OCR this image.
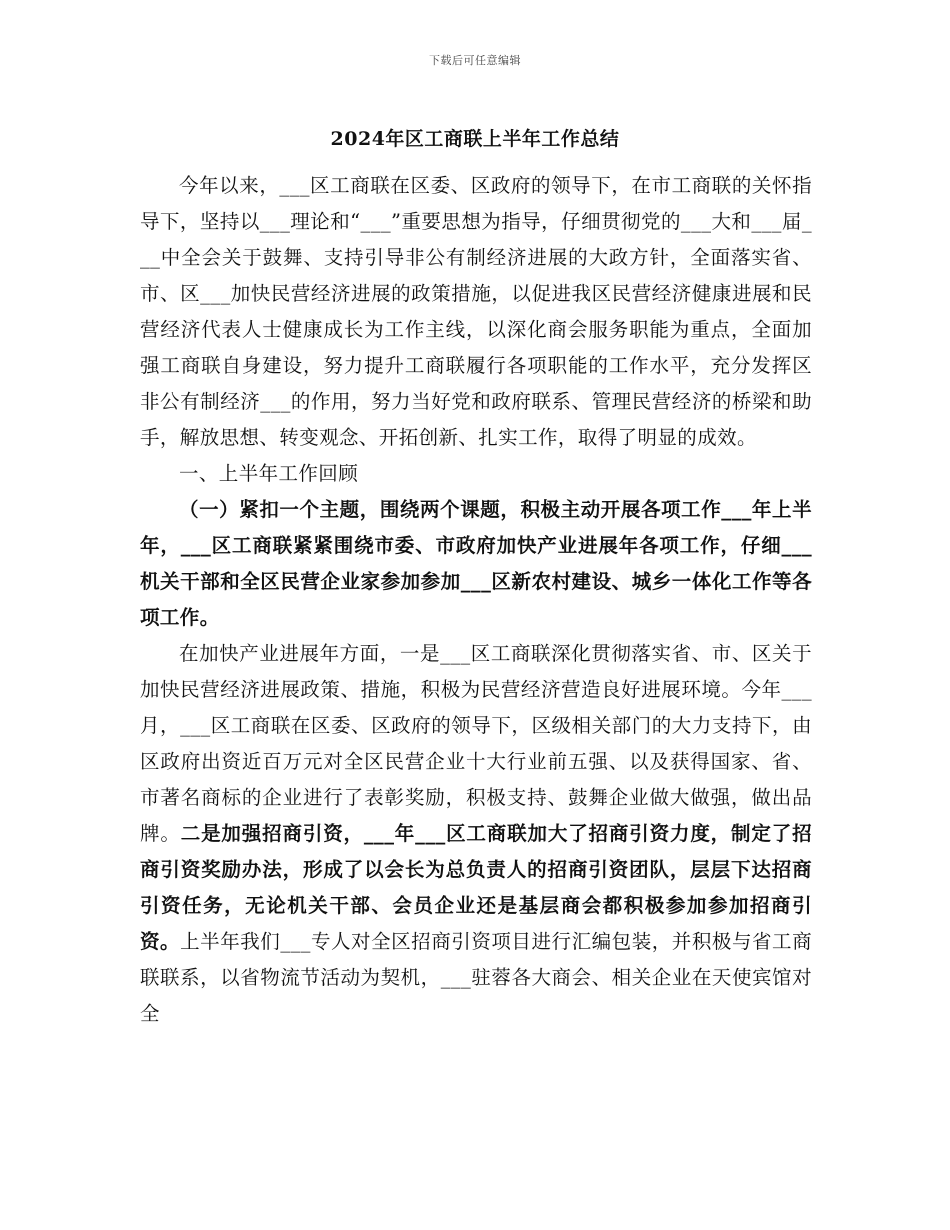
下载后可任意编辑
2024年区工商联上半年工作总结

今年以来，___区工商联在区委、区政府的领导下，在市工商联的关怀指导下，坚持以___理论和“___”重要思想为指导，仔细贯彻党的___大和___届___中全会关于鼓舞、支持引导非公有制经济进展的大政方针，全面落实省、市、区___加快民营经济进展的政策措施，以促进我区民营经济健康进展和民营经济代表人士健康成长为工作主线，以深化商会服务职能为重点，全面加强工商联自身建设，努力提升工商联履行各项职能的工作水平，充分发挥区非公有制经济___的作用，努力当好党和政府联系、管理民营经济的桥梁和助手，解放思想、转变观念、开拓创新、扎实工作，取得了明显的成效。

一、上半年工作回顾

（一）紧扣一个主题，围绕两个课题，积极主动开展各项工作___年上半年，___区工商联紧紧围绕市委、市政府加快产业进展年各项工作，仔细___机关干部和全区民营企业家参加参加___区新农村建设、城乡一体化工作等各项工作。

在加快产业进展年方面，一是___区工商联深化贯彻落实省、市、区关于加快民营经济进展政策、措施，积极为民营经济营造良好进展环境。今年___月，___区工商联在区委、区政府的领导下，区级相关部门的大力支持下，由区政府出资近百万元对全区民营企业十大行业前五强、以及获得国家、省、市著名商标的企业进行了表彰奖励，积极支持、鼓舞企业做大做强，做出品牌。二是加强招商引资，___年___区工商联加大了招商引资力度，制定了招商引资奖励办法，形成了以会长为总负责人的招商引资团队，层层下达招商引资任务，无论机关干部、会员企业还是基层商会都积极参加参加招商引资。上半年我们___专人对全区招商引资项目进行汇编包装，并积极与省工商联联系，以省物流节活动为契机，___驻蓉各大商会、相关企业在天使宾馆对全
